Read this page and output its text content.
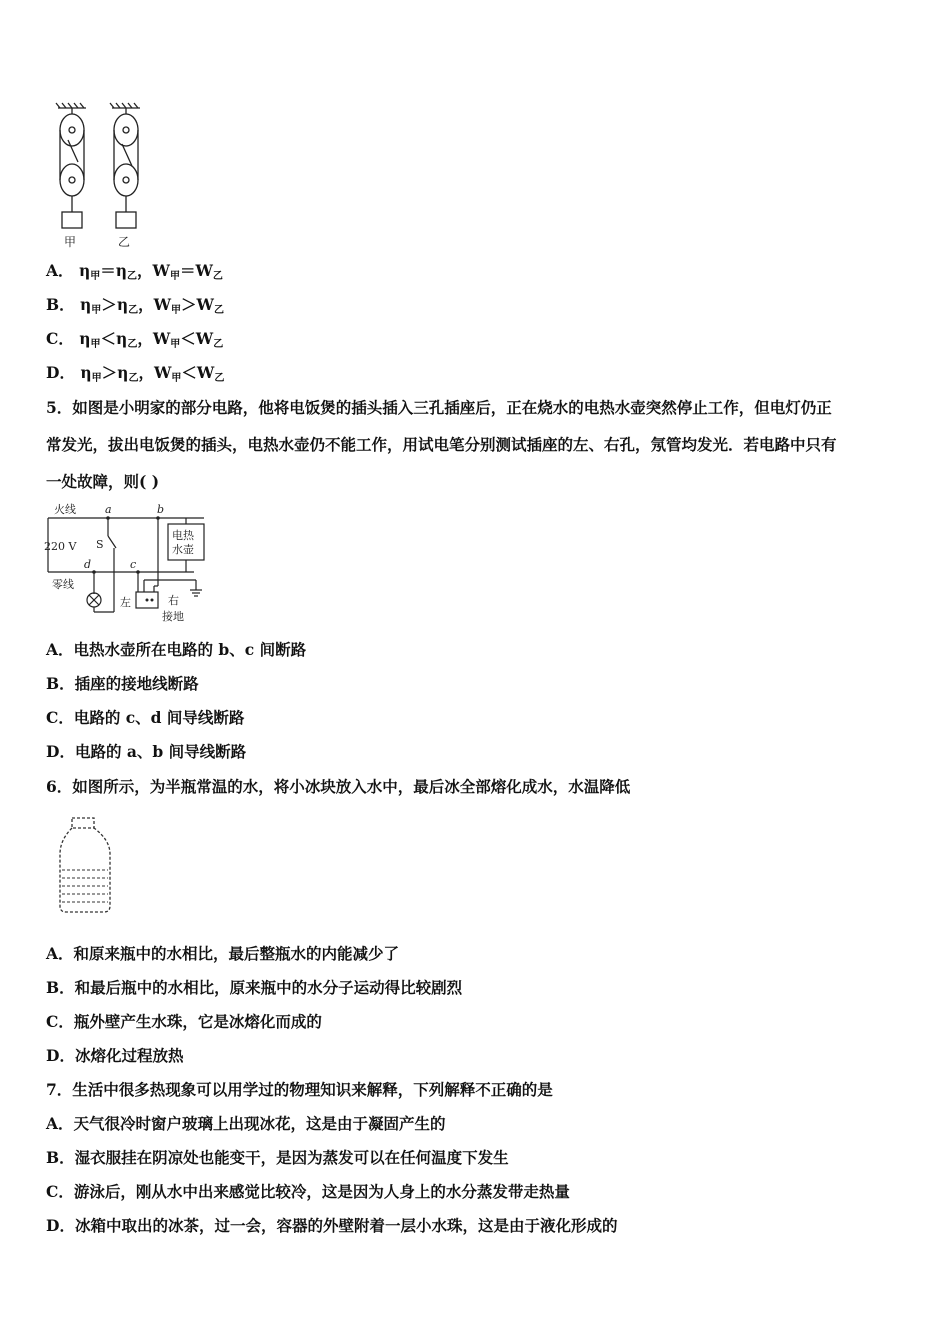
甲	乙
A． η甲＝η乙，W甲＝W乙
B． η甲＞η乙，W甲＞W乙
C． η甲＜η乙，W甲＜W乙
D． η甲＞η乙，W甲＜W乙
5．如图是小明家的部分电路，他将电饭煲的插头插入三孔插座后，正在烧水的电热水壶突然停止工作，但电灯仍正
常发光，拔出电饭煲的插头，电热水壶仍不能工作，用试电笔分别测试插座的左、右孔，氖管均发光．若电路中只有
一处故障，则( )
火线
220 V
零线
a	b
c
d
S
电热
水壶
左	右
接地
A．电热水壶所在电路的 b、c 间断路
B．插座的接地线断路
C．电路的 c、d 间导线断路
D．电路的 a、b 间导线断路
6．如图所示，为半瓶常温的水，将小冰块放入水中，最后冰全部熔化成水，水温降低
A．和原来瓶中的水相比，最后整瓶水的内能减少了
B．和最后瓶中的水相比，原来瓶中的水分子运动得比较剧烈
C．瓶外壁产生水珠，它是冰熔化而成的
D．冰熔化过程放热
7．生活中很多热现象可以用学过的物理知识来解释，下列解释不正确的是
A．天气很冷时窗户玻璃上出现冰花，这是由于凝固产生的
B．湿衣服挂在阴凉处也能变干，是因为蒸发可以在任何温度下发生
C．游泳后，刚从水中出来感觉比较冷，这是因为人身上的水分蒸发带走热量
D．冰箱中取出的冰茶，过一会，容器的外壁附着一层小水珠，这是由于液化形成的
